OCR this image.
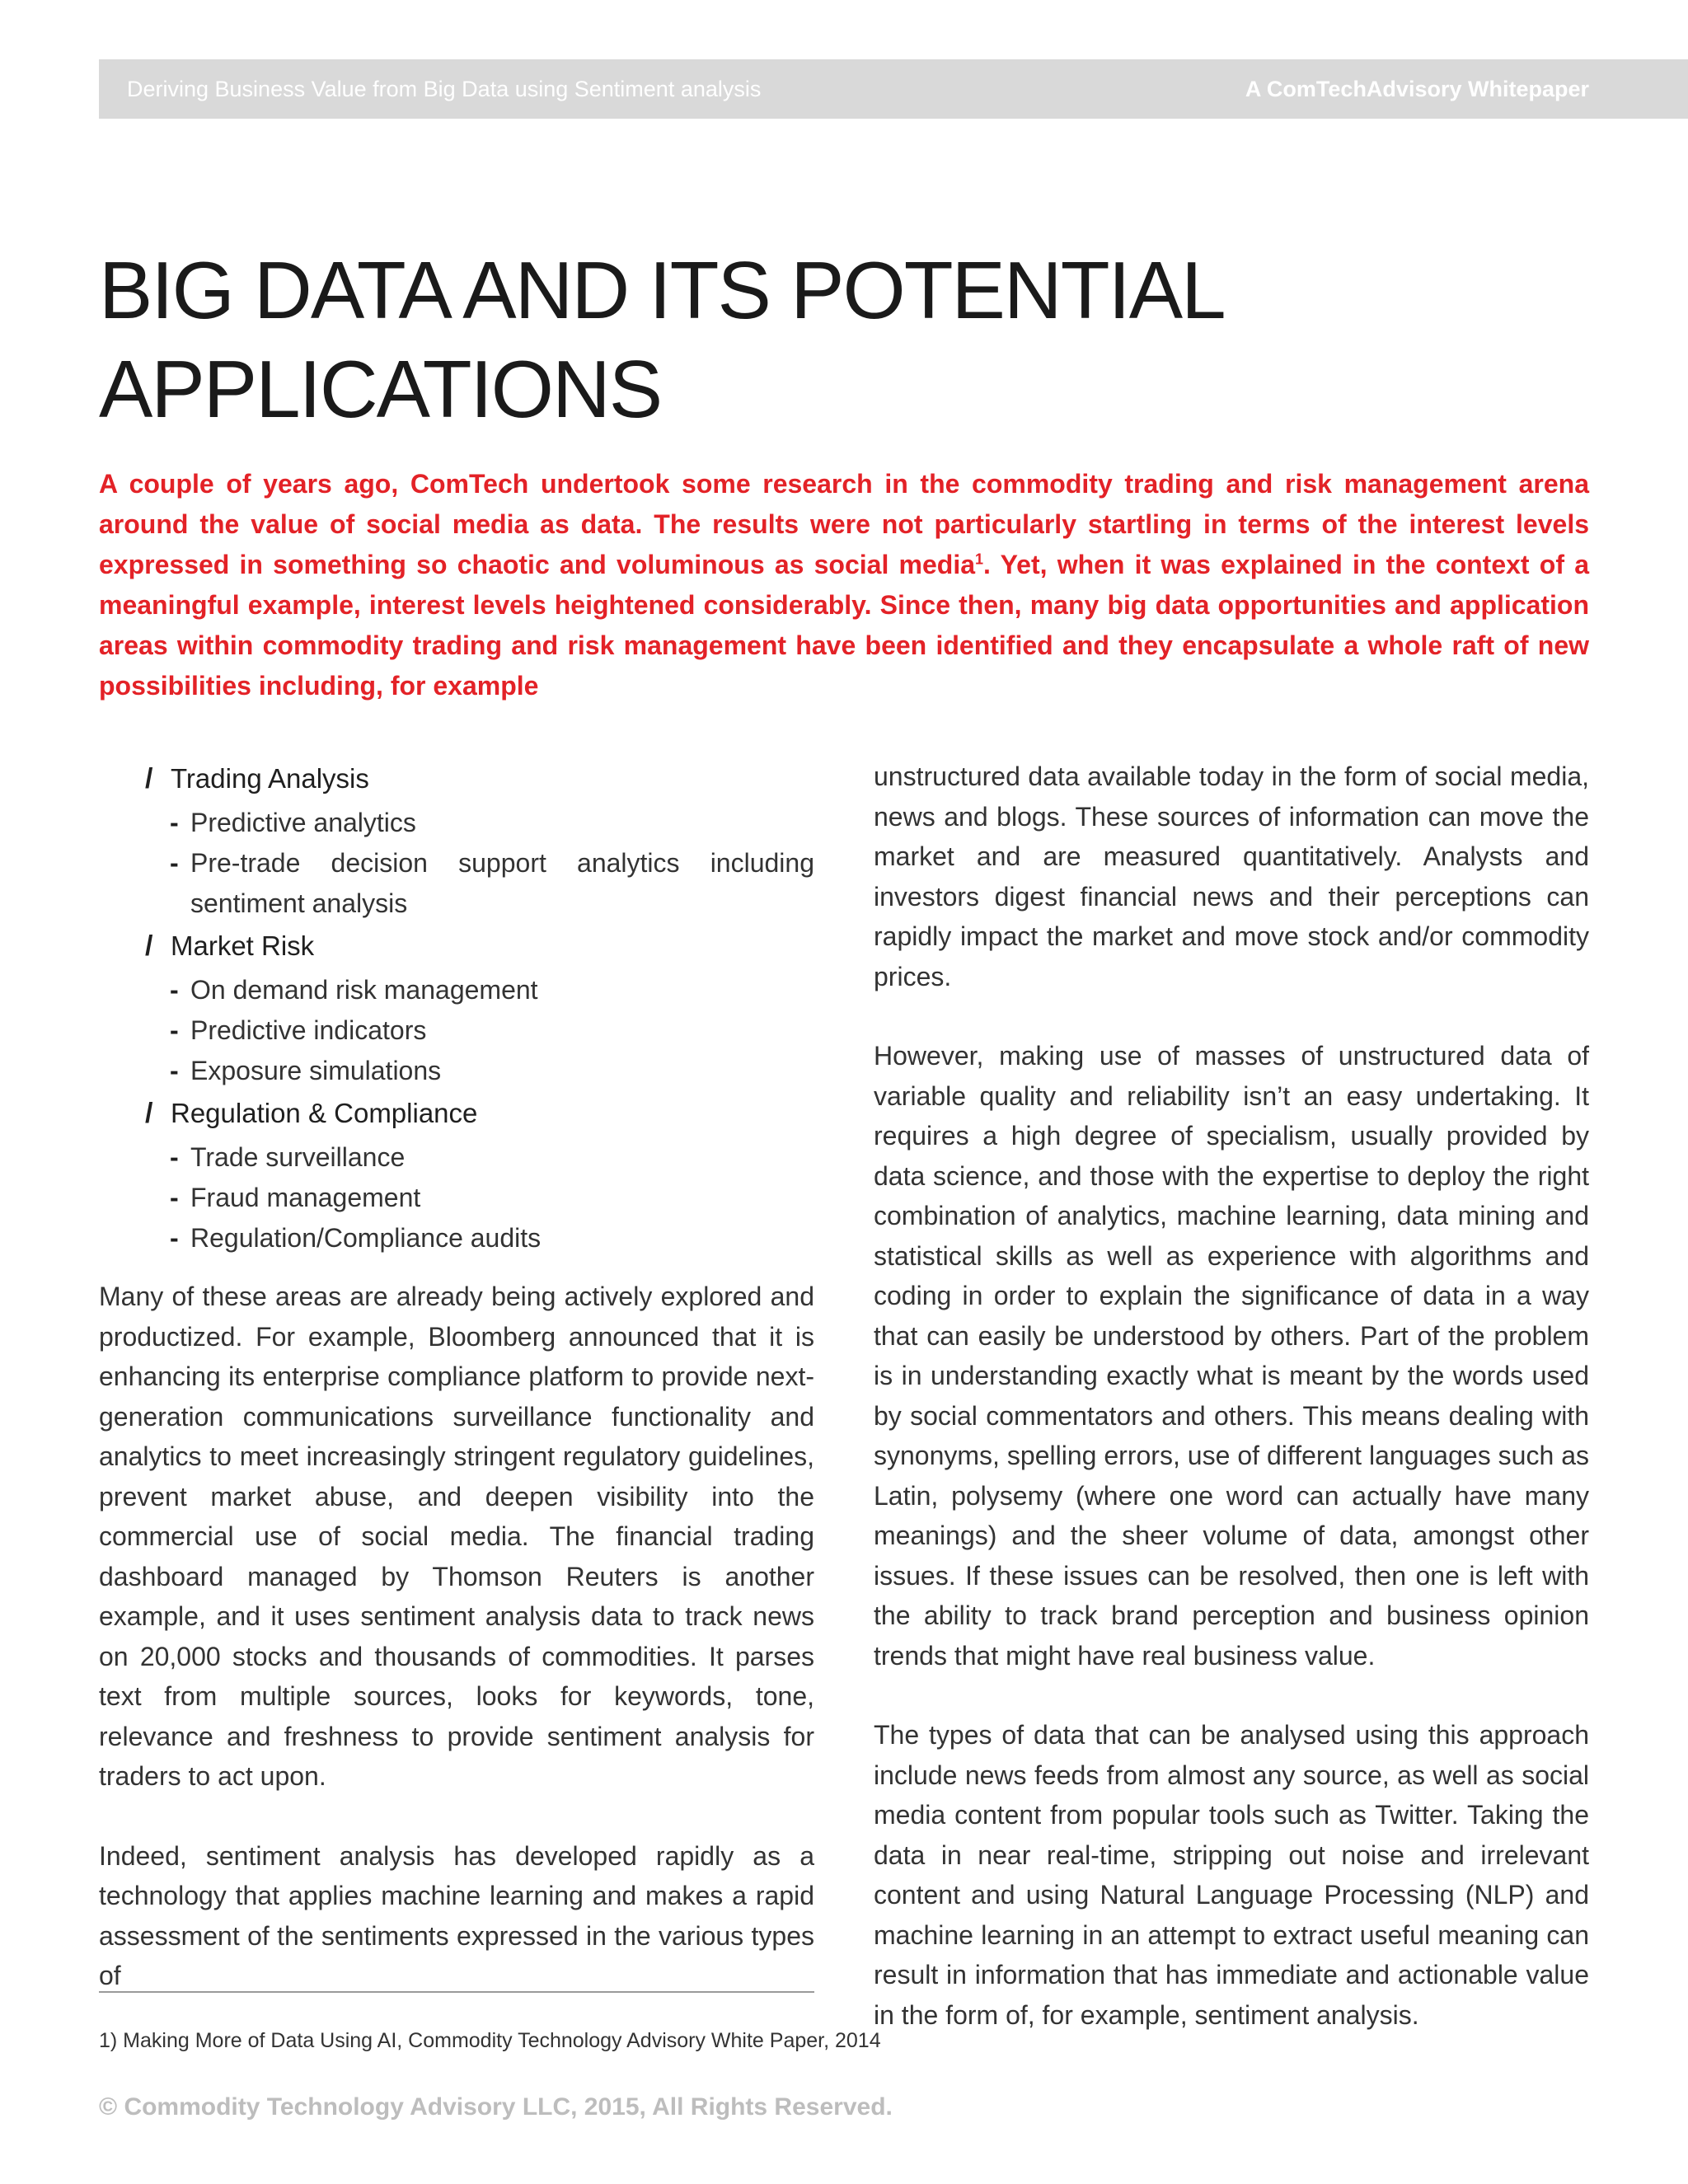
Deriving Business Value from Big Data using Sentiment analysis	A ComTechAdvisory Whitepaper
BIG DATA AND ITS POTENTIAL
APPLICATIONS

A couple of years ago, ComTech undertook some research in the commodity trading and risk management arena around the value of social media as data. The results were not particularly startling in terms of the interest levels expressed in something so chaotic and voluminous as social media$^1$. Yet, when it was explained in the context of a meaningful example, interest levels heightened considerably. Since then, many big data opportunities and application areas within commodity trading and risk management have been identified and they encapsulate a whole raft of new possibilities including, for example

/ Trading Analysis
- Predictive analytics
- Pre-trade decision support analytics including sentiment analysis
/ Market Risk
- On demand risk management
- Predictive indicators
- Exposure simulations
/ Regulation & Compliance
- Trade surveillance
- Fraud management
- Regulation/Compliance audits

Many of these areas are already being actively explored and productized. For example, Bloomberg announced that it is enhancing its enterprise compliance platform to provide next-generation communications surveillance functionality and analytics to meet increasingly stringent regulatory guidelines, prevent market abuse, and deepen visibility into the commercial use of social media. The financial trading dashboard managed by Thomson Reuters is another example, and it uses sentiment analysis data to track news on 20,000 stocks and thousands of commodities. It parses text from multiple sources, looks for keywords, tone, relevance and freshness to provide sentiment analysis for traders to act upon.

Indeed, sentiment analysis has developed rapidly as a technology that applies machine learning and makes a rapid assessment of the sentiments expressed in the various types of

unstructured data available today in the form of social media, news and blogs. These sources of information can move the market and are measured quantitatively. Analysts and investors digest financial news and their perceptions can rapidly impact the market and move stock and/or commodity prices.

However, making use of masses of unstructured data of variable quality and reliability isn’t an easy undertaking. It requires a high degree of specialism, usually provided by data science, and those with the expertise to deploy the right combination of analytics, machine learning, data mining and statistical skills as well as experience with algorithms and coding in order to explain the significance of data in a way that can easily be understood by others. Part of the problem is in understanding exactly what is meant by the words used by social commentators and others. This means dealing with synonyms, spelling errors, use of different languages such as Latin, polysemy (where one word can actually have many meanings) and the sheer volume of data, amongst other issues. If these issues can be resolved, then one is left with the ability to track brand perception and business opinion trends that might have real business value.

The types of data that can be analysed using this approach include news feeds from almost any source, as well as social media content from popular tools such as Twitter. Taking the data in near real-time, stripping out noise and irrelevant content and using Natural Language Processing (NLP) and machine learning in an attempt to extract useful meaning can result in information that has immediate and actionable value in the form of, for example, sentiment analysis.

1) Making More of Data Using AI, Commodity Technology Advisory White Paper, 2014

© Commodity Technology Advisory LLC, 2015, All Rights Reserved.
